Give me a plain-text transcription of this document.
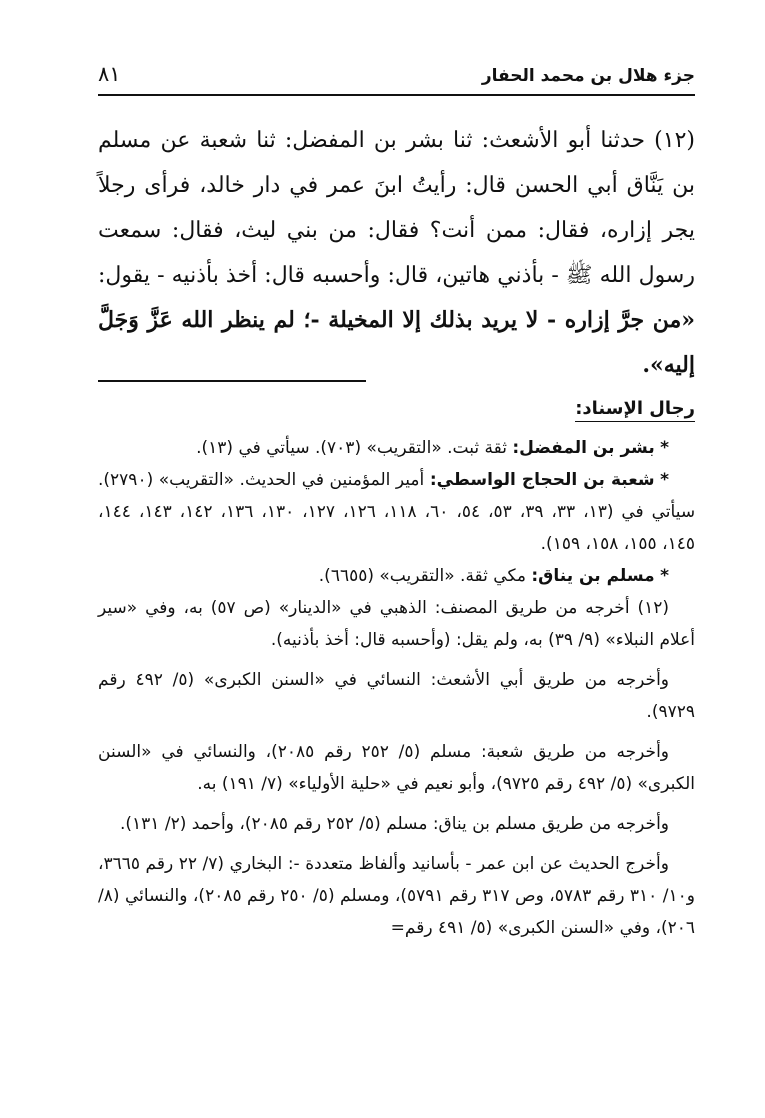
جزء هلال بن محمد الحفار
٨١

(١٢) حدثنا أبو الأشعث: ثنا بشر بن المفضل: ثنا شعبة عن مسلم بن يَنَّاق أبي الحسن قال: رأيتُ ابنَ عمر في دار خالد، فرأى رجلاً يجر إزاره، فقال: ممن أنت؟ فقال: من بني ليث، فقال: سمعت رسول الله ﷺ - بأذني هاتين، قال: وأحسبه قال: أخذ بأذنيه - يقول: «من جرَّ إزاره - لا يريد بذلك إلا المخيلة -؛ لم ينظر الله عَزَّ وَجَلَّ إليه».

رجال الإسناد:

* بشر بن المفضل: ثقة ثبت. «التقريب» (٧٠٣). سيأتي في (١٣).

* شعبة بن الحجاج الواسطي: أمير المؤمنين في الحديث. «التقريب» (٢٧٩٠). سيأتي في (١٣، ٣٣، ٣٩، ٥٣، ٥٤، ٦٠، ١١٨، ١٢٦، ١٢٧، ١٣٠، ١٣٦، ١٤٢، ١٤٣، ١٤٤، ١٤٥، ١٥٥، ١٥٨، ١٥٩).

* مسلم بن يناق: مكي ثقة. «التقريب» (٦٦٥٥).

(١٢) أخرجه من طريق المصنف: الذهبي في «الدينار» (ص ٥٧) به، وفي «سير أعلام النبلاء» (٩/ ٣٩) به، ولم يقل: (وأحسبه قال: أخذ بأذنيه).

وأخرجه من طريق أبي الأشعث: النسائي في «السنن الكبرى» (٥/ ٤٩٢ رقم ٩٧٢٩).

وأخرجه من طريق شعبة: مسلم (٥/ ٢٥٢ رقم ٢٠٨٥)، والنسائي في «السنن الكبرى» (٥/ ٤٩٢ رقم ٩٧٢٥)، وأبو نعيم في «حلية الأولياء» (٧/ ١٩١) به.

وأخرجه من طريق مسلم بن يناق: مسلم (٥/ ٢٥٢ رقم ٢٠٨٥)، وأحمد (٢/ ١٣١).

وأخرج الحديث عن ابن عمر - بأسانيد وألفاظ متعددة -: البخاري (٧/ ٢٢ رقم ٣٦٦٥، و١٠/ ٣١٠ رقم ٥٧٨٣، وص ٣١٧ رقم ٥٧٩١)، ومسلم (٥/ ٢٥٠ رقم ٢٠٨٥)، والنسائي (٨/ ٢٠٦)، وفي «السنن الكبرى» (٥/ ٤٩١ رقم=
